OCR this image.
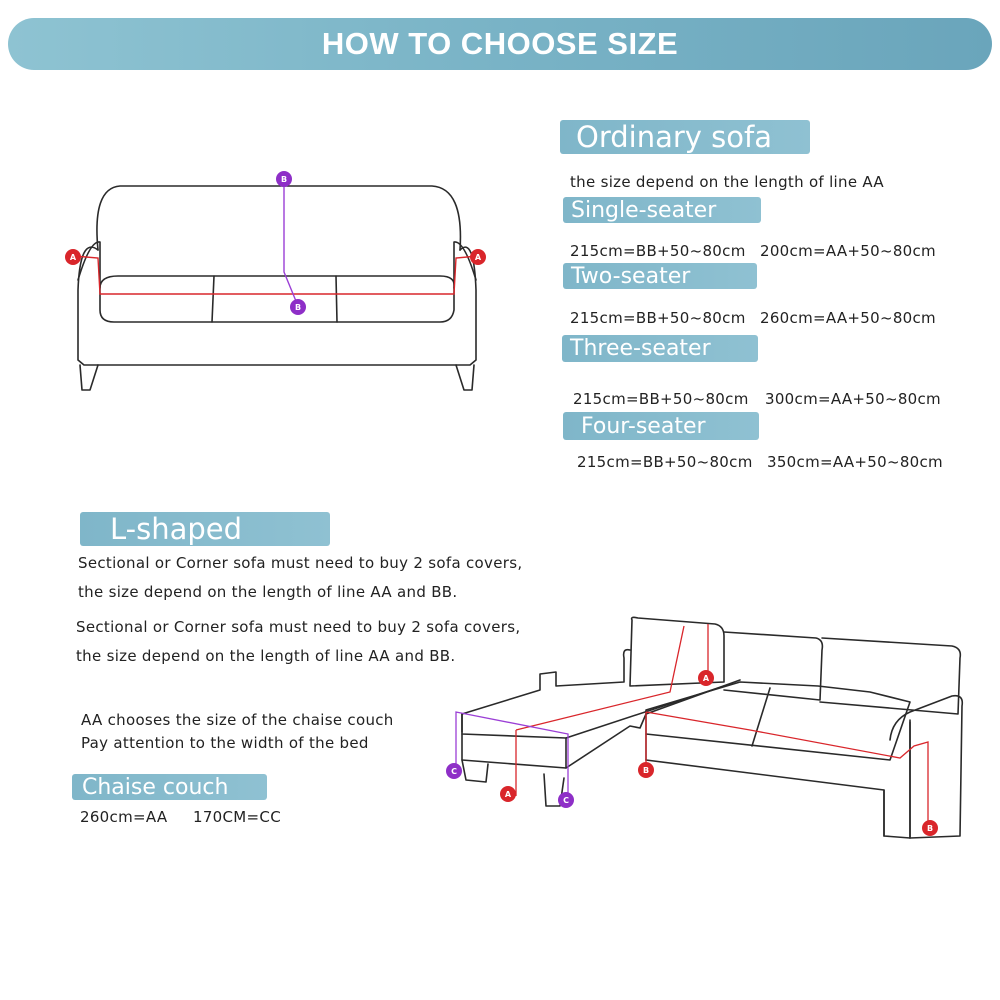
HOW TO CHOOSE SIZE
B
B
A	A
Ordinary sofa
the size depend on the length of line AA
Single-seater
215cm=BB+50~80cm 200cm=AA+50~80cm
Two-seater
215cm=BB+50~80cm 260cm=AA+50~80cm
Three-seater
215cm=BB+50~80cm 300cm=AA+50~80cm
Four-seater
215cm=BB+50~80cm 350cm=AA+50~80cm
L-shaped
Sectional or Corner sofa must need to buy 2 sofa covers,
the size depend on the length of line AA and BB.
Sectional or Corner sofa must need to buy 2 sofa covers,
the size depend on the length of line AA and BB.
AA chooses the size of the chaise couch
Pay attention to the width of the bed
Chaise couch
260cm=AA 170CM=CC
A
A
B
B
C
C
